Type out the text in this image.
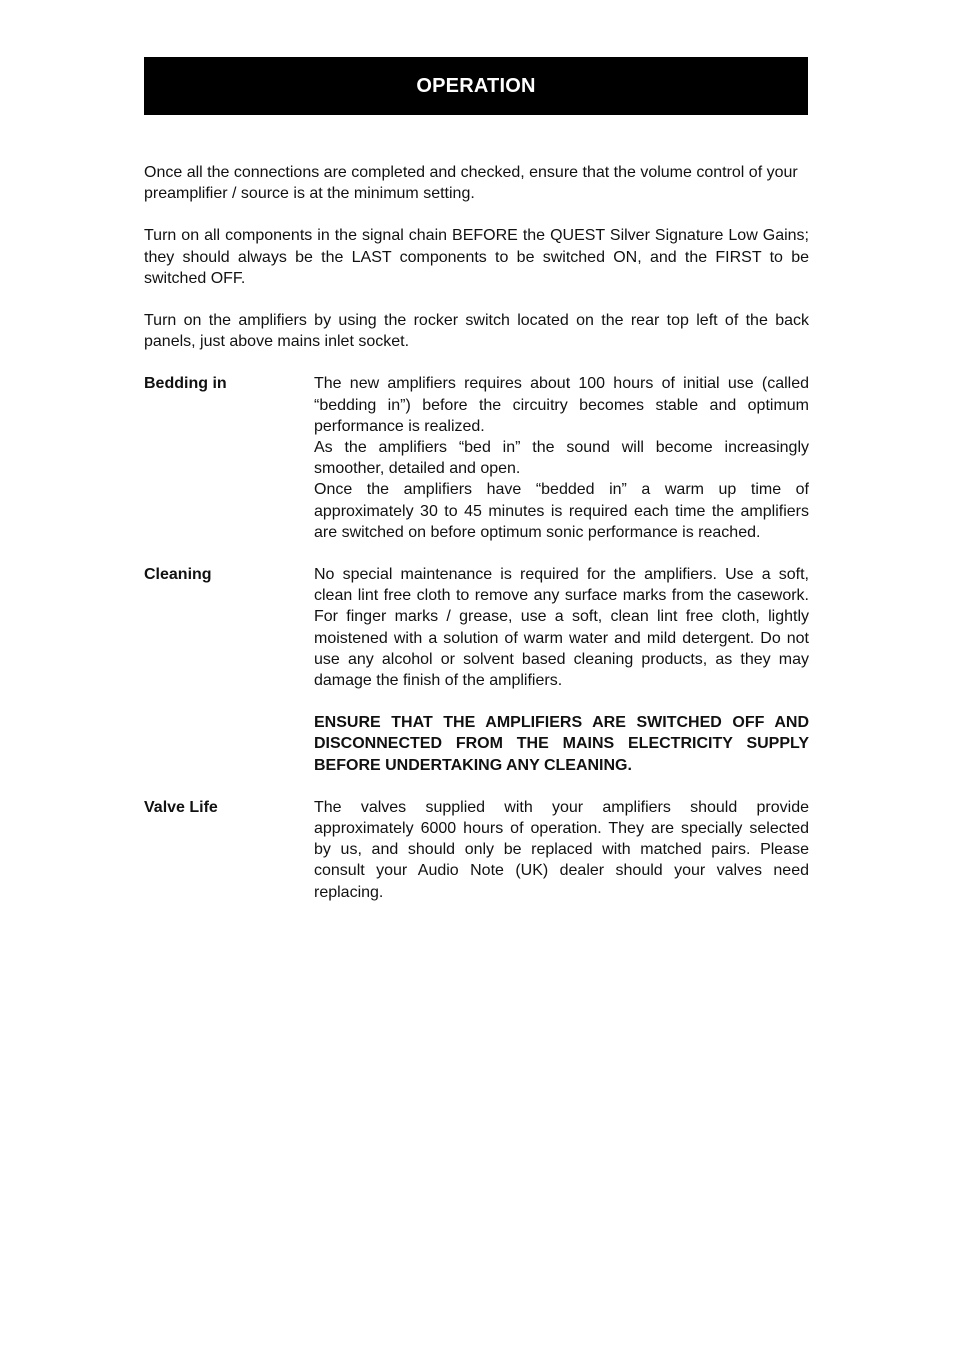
OPERATION

Once all the connections are completed and checked, ensure that the volume control of your preamplifier / source is at the minimum setting.

Turn on all components in the signal chain BEFORE the QUEST Silver Signature Low Gains; they should always be the LAST components to be switched ON, and the FIRST to be switched OFF.

Turn on the amplifiers by using the rocker switch located on the rear top left of the back panels, just above mains inlet socket.

Bedding in	The new amplifiers requires about 100 hours of initial use (called “bedding in”) before the circuitry becomes stable and optimum performance is realized.

As the amplifiers “bed in” the sound will become increasingly smoother, detailed and open.

Once the amplifiers have “bedded in” a warm up time of approximately 30 to 45 minutes is required each time the amplifiers are switched on before optimum sonic performance is reached.

Cleaning	No special maintenance is required for the amplifiers. Use a soft, clean lint free cloth to remove any surface marks from the casework. For finger marks / grease, use a soft, clean lint free cloth, lightly moistened with a solution of warm water and mild detergent. Do not use any alcohol or solvent based cleaning products, as they may damage the finish of the amplifiers.

ENSURE THAT THE AMPLIFIERS ARE SWITCHED OFF AND DISCONNECTED FROM THE MAINS ELECTRICITY SUPPLY BEFORE UNDERTAKING ANY CLEANING.

Valve Life	The valves supplied with your amplifiers should provide approximately 6000 hours of operation. They are specially selected by us, and should only be replaced with matched pairs. Please consult your Audio Note (UK) dealer should your valves need replacing.
